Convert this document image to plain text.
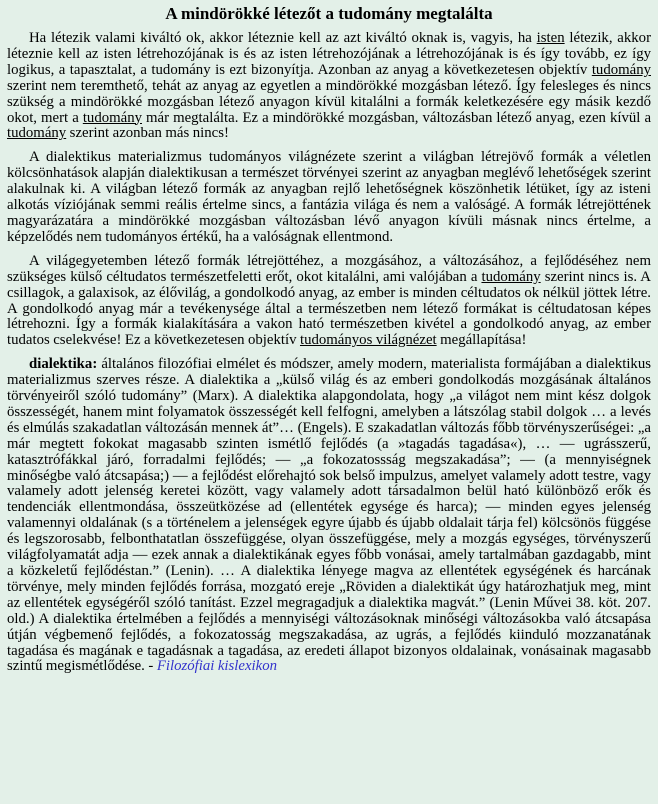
A mindörökké létezőt a tudomány megtalálta

Ha létezik valami kiváltó ok, akkor léteznie kell az azt kiváltó oknak is, vagyis, ha isten létezik, akkor léteznie kell az isten létrehozójának is és az isten létrehozójának a létrehozójának is és így tovább, ez így logikus, a tapasztalat, a tudomány is ezt bizonyítja. Azonban az anyag a következetesen objektív tudomány szerint nem teremthető, tehát az anyag az egyetlen a mindörökké mozgásban létező. Így felesleges és nincs szükség a mindörökké mozgásban létező anyagon kívül kitalálni a formák keletkezésére egy másik kezdő okot, mert a tudomány már megtalálta. Ez a mindörökké mozgásban, változásban létező anyag, ezen kívül a tudomány szerint azonban más nincs!

A dialektikus materializmus tudományos világnézete szerint a világban létrejövő formák a véletlen kölcsönhatások alapján dialektikusan a természet törvényei szerint az anyagban meglévő lehetőségek szerint alakulnak ki. A világban létező formák az anyagban rejlő lehetőségnek köszönhetik létüket, így az isteni alkotás víziójának semmi reális értelme sincs, a fantázia világa és nem a valóságé. A formák létrejöttének magyarázatára a mindörökké mozgásban változásban lévő anyagon kívüli másnak nincs értelme, a képzelődés nem tudományos értékű, ha a valóságnak ellentmond.

A világegyetemben létező formák létrejöttéhez, a mozgásához, a változásához, a fejlődéséhez nem szükséges külső céltudatos természetfeletti erőt, okot kitalálni, ami valójában a tudomány szerint nincs is. A csillagok, a galaxisok, az élővilág, a gondolkodó anyag, az ember is minden céltudatos ok nélkül jöttek létre. A gondolkodó anyag már a tevékenysége által a természetben nem létező formákat is céltudatosan képes létrehozni. Így a formák kialakítására a vakon ható természetben kivétel a gondolkodó anyag, az ember tudatos cselekvése! Ez a következetesen objektív tudományos világnézet megállapítása!

dialektika: általános filozófiai elmélet és módszer, amely modern, materialista formájában a dialektikus materializmus szerves része. A dialektika a „külső világ és az emberi gondolkodás mozgásának általános törvényeiről szóló tudomány” (Marx). A dialektika alapgondolata, hogy „a világot nem mint kész dolgok összességét, hanem mint folyamatok összességét kell felfogni, amelyben a látszólag stabil dolgok … a levés és elmúlás szakadatlan változásán mennek át”… (Engels). E szakadatlan változás főbb törvényszerűségei: „a már megtett fokokat magasabb szinten ismétlő fejlődés (a »tagadás tagadása«), … — ugrásszerű, katasztrófákkal járó, forradalmi fejlődés; — „a fokozatossság megszakadása”; — (a mennyiségnek minőségbe való átcsapása;) — a fejlődést előrehajtó sok belső impulzus, amelyet valamely adott testre, vagy valamely adott jelenség keretei között, vagy valamely adott társadalmon belül ható különböző erők és tendenciák ellentmondása, összeütközése ad (ellentétek egysége és harca); — minden egyes jelenség valamennyi oldalának (s a történelem a jelenségek egyre újabb és újabb oldalait tárja fel) kölcsönös függése és legszorosabb, felbonthatatlan összefüggése, olyan összefüggése, mely a mozgás egységes, törvényszerű világfolyamatát adja — ezek annak a dialektikának egyes főbb vonásai, amely tartalmában gazdagabb, mint a közkeletű fejlődéstan.” (Lenin). … A dialektika lényege magva az ellentétek egységének és harcának törvénye, mely minden fejlődés forrása, mozgató ereje „Röviden a dialektikát úgy határozhatjuk meg, mint az ellentétek egységéről szóló tanítást. Ezzel megragadjuk a dialektika magvát.” (Lenin Művei 38. köt. 207. old.) A dialektika értelmében a fejlődés a mennyiségi változásoknak minőségi változásokba való átcsapása útján végbemenő fejlődés, a fokozatosság megszakadása, az ugrás, a fejlődés kiinduló mozzanatának tagadása és magának e tagadásnak a tagadása, az eredeti állapot bizonyos oldalainak, vonásainak magasabb szintű megismétlődése. - Filozófiai kislexikon
